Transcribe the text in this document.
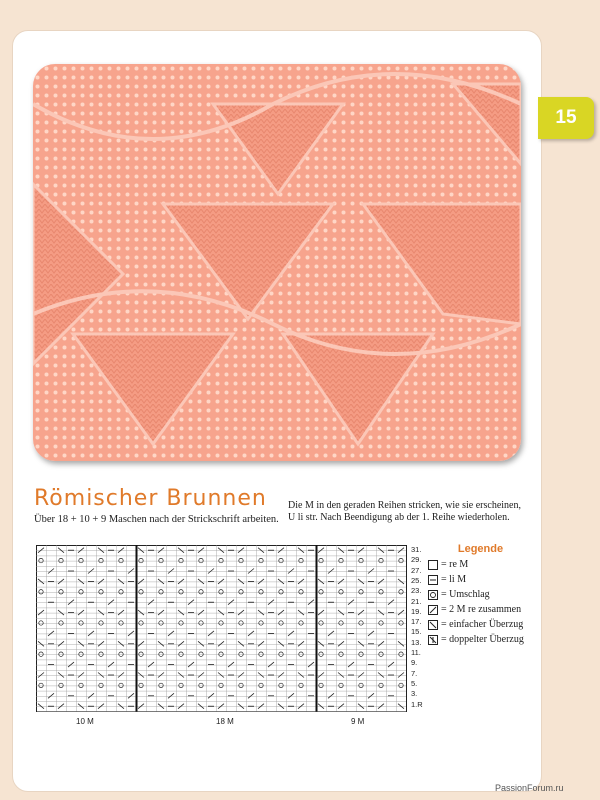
15
Römischer Brunnen
Über 18 + 10 + 9 Maschen nach der Strickschrift arbeiten.
Die M in den geraden Reihen stricken, wie sie erscheinen,
U li str. Nach Beendigung ab der 1. Reihe wiederholen.
31.
29.
27.
25.
23.
21.
19.
17.
15.
13.
11.
9.
7.
5.
3.
1.R
Legende
= re M
= li M
= Umschlag
= 2 M re zusammen
= einfacher Überzug
= doppelter Überzug
10 M	18 M	9 M
PassionForum.ru
